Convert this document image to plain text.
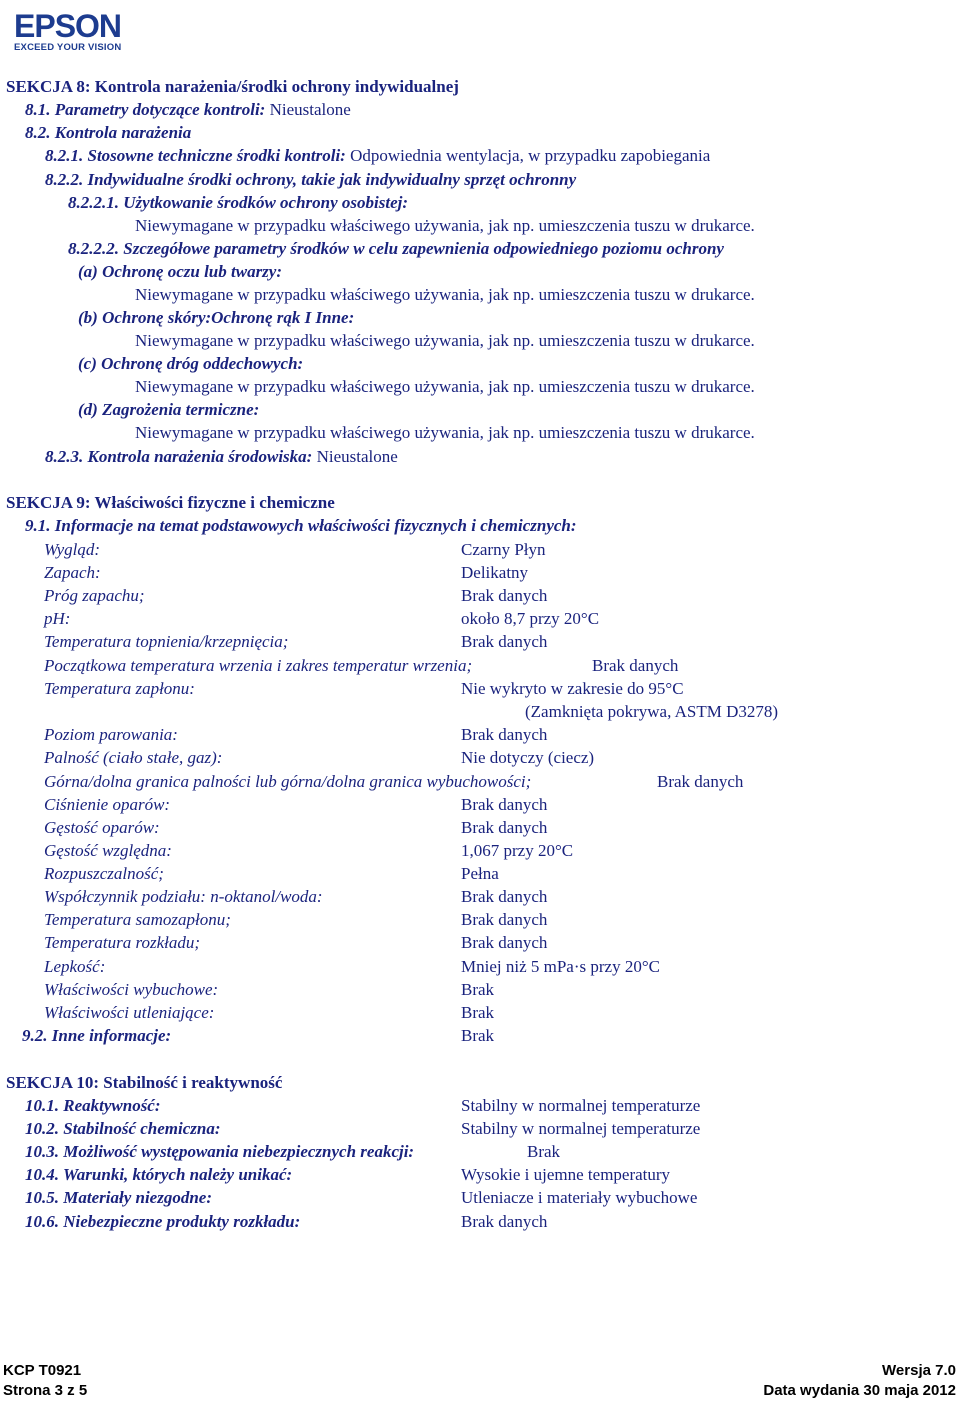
EPSON
EXCEED YOUR VISION
SEKCJA 8: Kontrola narażenia/środki ochrony indywidualnej
8.1. Parametry dotyczące kontroli: Nieustalone
8.2. Kontrola narażenia
8.2.1. Stosowne techniczne środki kontroli: Odpowiednia wentylacja, w przypadku zapobiegania
8.2.2. Indywidualne środki ochrony, takie jak indywidualny sprzęt ochronny
8.2.2.1. Użytkowanie środków ochrony osobistej:
Niewymagane w przypadku właściwego używania, jak np. umieszczenia tuszu w drukarce.
8.2.2.2. Szczegółowe parametry środków w celu zapewnienia odpowiedniego poziomu ochrony
(a) Ochronę oczu lub twarzy:
Niewymagane w przypadku właściwego używania, jak np. umieszczenia tuszu w drukarce.
(b) Ochronę skóry:Ochronę rąk I Inne:
Niewymagane w przypadku właściwego używania, jak np. umieszczenia tuszu w drukarce.
(c) Ochronę dróg oddechowych:
Niewymagane w przypadku właściwego używania, jak np. umieszczenia tuszu w drukarce.
(d) Zagrożenia termiczne:
Niewymagane w przypadku właściwego używania, jak np. umieszczenia tuszu w drukarce.
8.2.3. Kontrola narażenia środowiska: Nieustalone
SEKCJA 9: Właściwości fizyczne i chemiczne
9.1. Informacje na temat podstawowych właściwości fizycznych i chemicznych:
Wygląd:	Czarny Płyn
Zapach:	Delikatny
Próg zapachu;	Brak danych
pH:	około 8,7 przy 20°C
Temperatura topnienia/krzepnięcia;	Brak danych
Początkowa temperatura wrzenia i zakres temperatur wrzenia;	Brak danych
Temperatura zapłonu:	Nie wykryto w zakresie do 95°C
(Zamknięta pokrywa, ASTM D3278)
Poziom parowania:	Brak danych
Palność (ciało stałe, gaz):	Nie dotyczy (ciecz)
Górna/dolna granica palności lub górna/dolna granica wybuchowości;	Brak danych
Ciśnienie oparów:	Brak danych
Gęstość oparów:	Brak danych
Gęstość względna:	1,067 przy 20°C
Rozpuszczalność;	Pełna
Współczynnik podziału: n-oktanol/woda:	Brak danych
Temperatura samozapłonu;	Brak danych
Temperatura rozkładu;	Brak danych
Lepkość:	Mniej niż 5 mPa·s przy 20°C
Właściwości wybuchowe:	Brak
Właściwości utleniające:	Brak
9.2. Inne informacje:	Brak
SEKCJA 10: Stabilność i reaktywność
10.1. Reaktywność:	Stabilny w normalnej temperaturze
10.2. Stabilność chemiczna:	Stabilny w normalnej temperaturze
10.3. Możliwość występowania niebezpiecznych reakcji:	Brak
10.4. Warunki, których należy unikać:	Wysokie i ujemne temperatury
10.5. Materiały niezgodne:	Utleniacze i materiały wybuchowe
10.6. Niebezpieczne produkty rozkładu:	Brak danych
KCP T0921
Strona 3 z 5
Wersja 7.0
Data wydania 30 maja 2012
